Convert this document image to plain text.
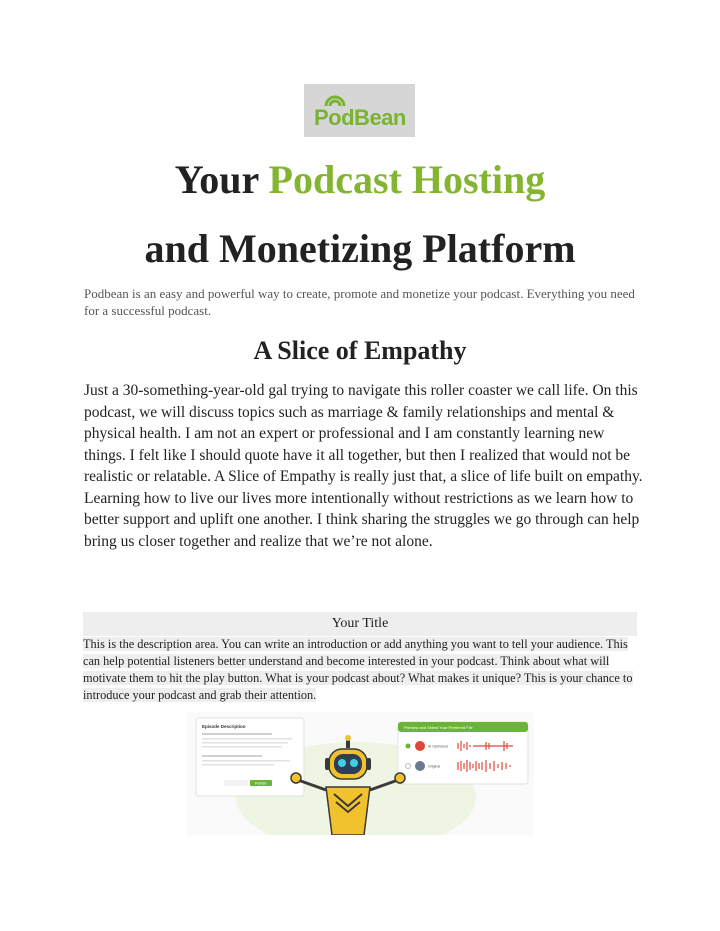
PodBean
Your Podcast Hosting
and Monetizing Platform

Podbean is an easy and powerful way to create, promote and monetize your podcast. Everything you need for a successful podcast.

A Slice of Empathy

Just a 30-something-year-old gal trying to navigate this roller coaster we call life. On this podcast, we will discuss topics such as marriage & family relationships and mental & physical health. I am not an expert or professional and I am constantly learning new things. I felt like I should quote have it all together, but then I realized that would not be realistic or relatable. A Slice of Empathy is really just that, a slice of life built on empathy. Learning how to live our lives more intentionally without restrictions as we learn how to better support and uplift one another. I think sharing the struggles we go through can help bring us closer together and realize that we’re not alone.

Your Title

This is the description area. You can write an introduction or add anything you want to tell your audience. This can help potential listeners better understand and become interested in your podcast. Think about what will motivate them to hit the play button. What is your podcast about? What makes it unique? This is your chance to introduce your podcast and grab their attention.

Episode Description
Publish
Preview and Select Your Preferred File
AI Optimized
Original
